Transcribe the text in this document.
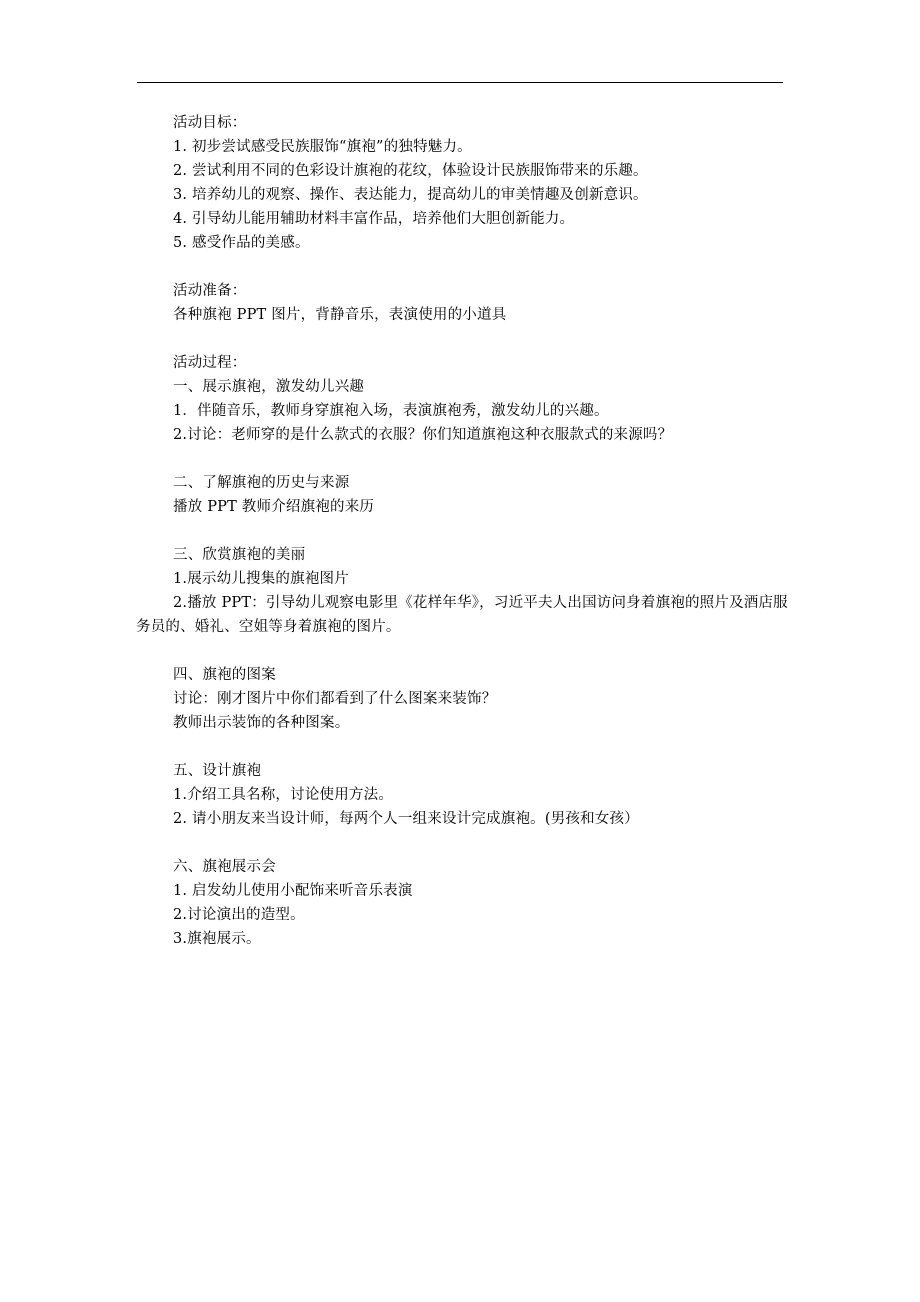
活动目标：
1. 初步尝试感受民族服饰“旗袍”的独特魅力。
2. 尝试利用不同的色彩设计旗袍的花纹，体验设计民族服饰带来的乐趣。
3. 培养幼儿的观察、操作、表达能力，提高幼儿的审美情趣及创新意识。
4. 引导幼儿能用辅助材料丰富作品，培养他们大胆创新能力。
5. 感受作品的美感。
活动准备：
各种旗袍 PPT 图片，背静音乐，表演使用的小道具
活动过程：
一、展示旗袍，激发幼儿兴趣
1．伴随音乐，教师身穿旗袍入场，表演旗袍秀，激发幼儿的兴趣。
2.讨论：老师穿的是什么款式的衣服？你们知道旗袍这种衣服款式的来源吗？
二、了解旗袍的历史与来源
播放 PPT 教师介绍旗袍的来历
三、欣赏旗袍的美丽
1.展示幼儿搜集的旗袍图片
2.播放 PPT：引导幼儿观察电影里《花样年华》，习近平夫人出国访问身着旗袍的照片及酒店服务员的、婚礼、空姐等身着旗袍的图片。
四、旗袍的图案
讨论：刚才图片中你们都看到了什么图案来装饰？
教师出示装饰的各种图案。
五、设计旗袍
1.介绍工具名称，讨论使用方法。
2. 请小朋友来当设计师，每两个人一组来设计完成旗袍。(男孩和女孩）
六、旗袍展示会
1. 启发幼儿使用小配饰来听音乐表演
2.讨论演出的造型。
3.旗袍展示。
